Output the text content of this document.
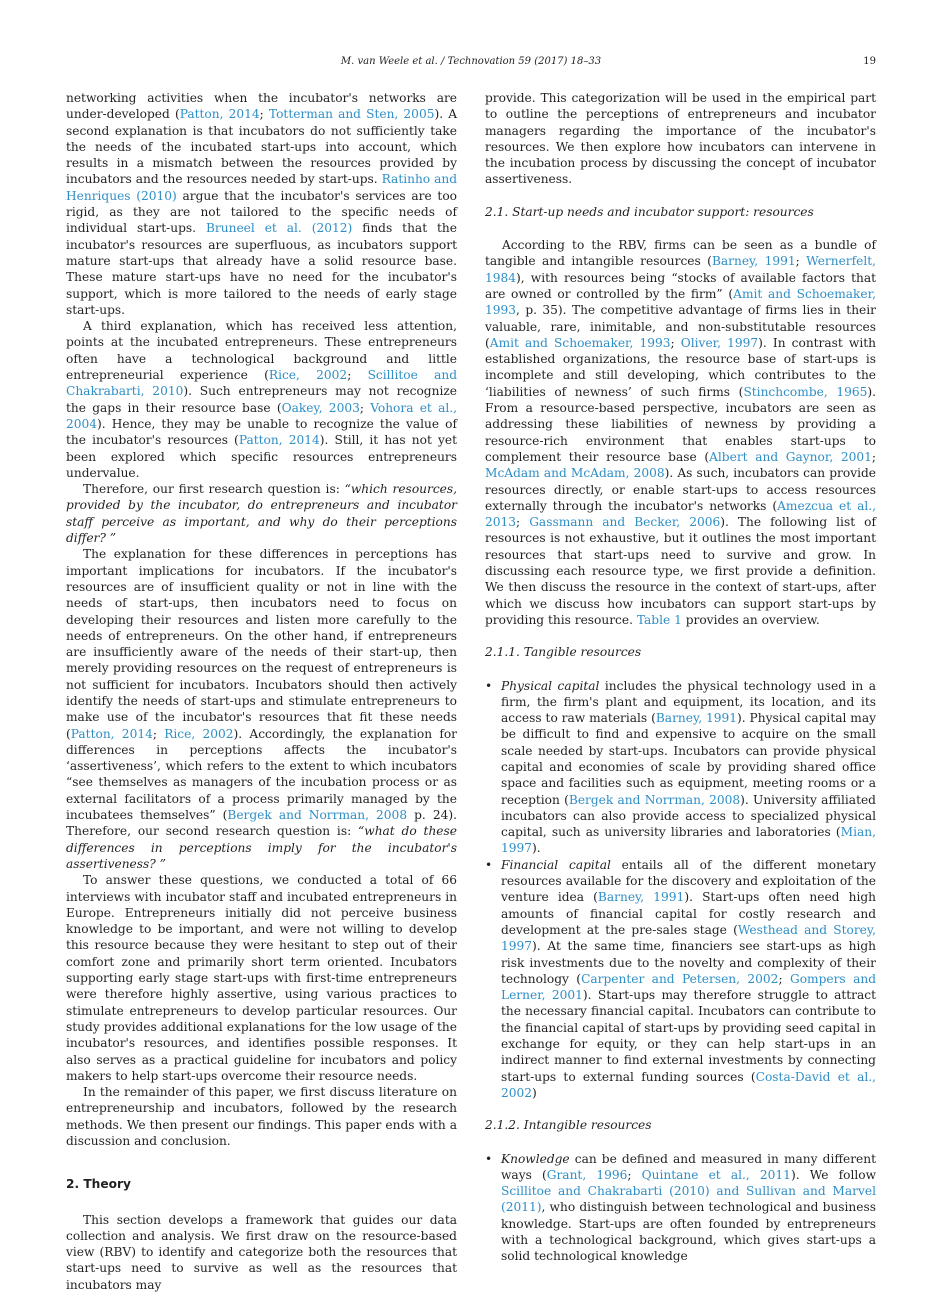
M. van Weele et al. / Technovation 59 (2017) 18–33	19

networking activities when the incubator's networks are under-developed (Patton, 2014; Totterman and Sten, 2005). A second explanation is that incubators do not sufficiently take the needs of the incubated start-ups into account, which results in a mismatch between the resources provided by incubators and the resources needed by start-ups. Ratinho and Henriques (2010) argue that the incubator's services are too rigid, as they are not tailored to the specific needs of individual start-ups. Bruneel et al. (2012) finds that the incubator's resources are superfluous, as incubators support mature start-ups that already have a solid resource base. These mature start-ups have no need for the incubator's support, which is more tailored to the needs of early stage start-ups.

A third explanation, which has received less attention, points at the incubated entrepreneurs. These entrepreneurs often have a technological background and little entrepreneurial experience (Rice, 2002; Scillitoe and Chakrabarti, 2010). Such entrepreneurs may not recognize the gaps in their resource base (Oakey, 2003; Vohora et al., 2004). Hence, they may be unable to recognize the value of the incubator's resources (Patton, 2014). Still, it has not yet been explored which specific resources entrepreneurs undervalue.

Therefore, our first research question is: “which resources, provided by the incubator, do entrepreneurs and incubator staff perceive as important, and why do their perceptions differ? ”

The explanation for these differences in perceptions has important implications for incubators. If the incubator's resources are of insufficient quality or not in line with the needs of start-ups, then incubators need to focus on developing their resources and listen more carefully to the needs of entrepreneurs. On the other hand, if entrepreneurs are insufficiently aware of the needs of their start-up, then merely providing resources on the request of entrepreneurs is not sufficient for incubators. Incubators should then actively identify the needs of start-ups and stimulate entrepreneurs to make use of the incubator's resources that fit these needs (Patton, 2014; Rice, 2002). Accordingly, the explanation for differences in perceptions affects the incubator's ‘assertiveness’, which refers to the extent to which incubators “see themselves as managers of the incubation process or as external facilitators of a process primarily managed by the incubatees themselves” (Bergek and Norrman, 2008 p. 24). Therefore, our second research question is: “what do these differences in perceptions imply for the incubator's assertiveness? ”

To answer these questions, we conducted a total of 66 interviews with incubator staff and incubated entrepreneurs in Europe. Entrepreneurs initially did not perceive business knowledge to be important, and were not willing to develop this resource because they were hesitant to step out of their comfort zone and primarily short term oriented. Incubators supporting early stage start-ups with first-time entrepreneurs were therefore highly assertive, using various practices to stimulate entrepreneurs to develop particular resources. Our study provides additional explanations for the low usage of the incubator's resources, and identifies possible responses. It also serves as a practical guideline for incubators and policy makers to help start-ups overcome their resource needs.

In the remainder of this paper, we first discuss literature on entrepreneurship and incubators, followed by the research methods. We then present our findings. This paper ends with a discussion and conclusion.

2. Theory

This section develops a framework that guides our data collection and analysis. We first draw on the resource-based view (RBV) to identify and categorize both the resources that start-ups need to survive as well as the resources that incubators may

provide. This categorization will be used in the empirical part to outline the perceptions of entrepreneurs and incubator managers regarding the importance of the incubator's resources. We then explore how incubators can intervene in the incubation process by discussing the concept of incubator assertiveness.

2.1. Start-up needs and incubator support: resources

According to the RBV, firms can be seen as a bundle of tangible and intangible resources (Barney, 1991; Wernerfelt, 1984), with resources being “stocks of available factors that are owned or controlled by the firm” (Amit and Schoemaker, 1993, p. 35). The competitive advantage of firms lies in their valuable, rare, inimitable, and non-substitutable resources (Amit and Schoemaker, 1993; Oliver, 1997). In contrast with established organizations, the resource base of start-ups is incomplete and still developing, which contributes to the ‘liabilities of newness’ of such firms (Stinchcombe, 1965). From a resource-based perspective, incubators are seen as addressing these liabilities of newness by providing a resource-rich environment that enables start-ups to complement their resource base (Albert and Gaynor, 2001; McAdam and McAdam, 2008). As such, incubators can provide resources directly, or enable start-ups to access resources externally through the incubator's networks (Amezcua et al., 2013; Gassmann and Becker, 2006). The following list of resources is not exhaustive, but it outlines the most important resources that start-ups need to survive and grow. In discussing each resource type, we first provide a definition. We then discuss the resource in the context of start-ups, after which we discuss how incubators can support start-ups by providing this resource. Table 1 provides an overview.

2.1.1. Tangible resources
• Physical capital includes the physical technology used in a firm, the firm's plant and equipment, its location, and its access to raw materials (Barney, 1991). Physical capital may be difficult to find and expensive to acquire on the small scale needed by start-ups. Incubators can provide physical capital and economies of scale by providing shared office space and facilities such as equipment, meeting rooms or a reception (Bergek and Norrman, 2008). University affiliated incubators can also provide access to specialized physical capital, such as university libraries and laboratories (Mian, 1997).
• Financial capital entails all of the different monetary resources available for the discovery and exploitation of the venture idea (Barney, 1991). Start-ups often need high amounts of financial capital for costly research and development at the pre-sales stage (Westhead and Storey, 1997). At the same time, financiers see start-ups as high risk investments due to the novelty and complexity of their technology (Carpenter and Petersen, 2002; Gompers and Lerner, 2001). Start-ups may therefore struggle to attract the necessary financial capital. Incubators can contribute to the financial capital of start-ups by providing seed capital in exchange for equity, or they can help start-ups in an indirect manner to find external investments by connecting start-ups to external funding sources (Costa-David et al., 2002)
2.1.2. Intangible resources
• Knowledge can be defined and measured in many different ways (Grant, 1996; Quintane et al., 2011). We follow Scillitoe and Chakrabarti (2010) and Sullivan and Marvel (2011), who distinguish between technological and business knowledge. Start-ups are often founded by entrepreneurs with a technological background, which gives start-ups a solid technological knowledge
